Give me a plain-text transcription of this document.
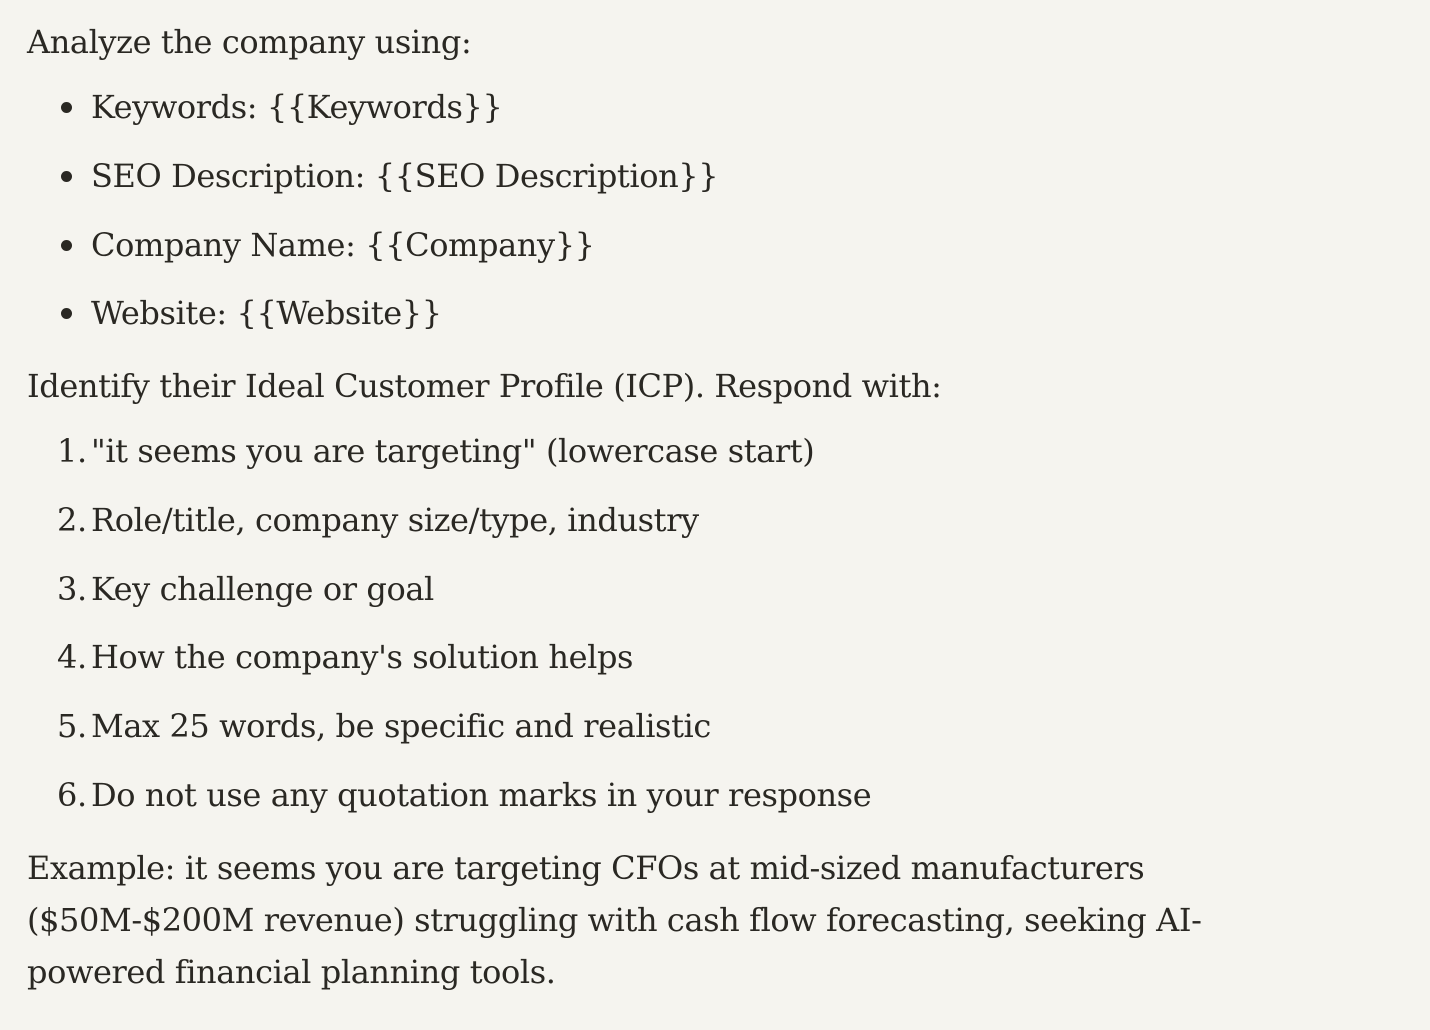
Analyze the company using:

Keywords: {{Keywords}}
SEO Description: {{SEO Description}}
Company Name: {{Company}}
Website: {{Website}}

Identify their Ideal Customer Profile (ICP). Respond with:

1. "it seems you are targeting" (lowercase start)
2. Role/title, company size/type, industry
3. Key challenge or goal
4. How the company's solution helps
5. Max 25 words, be specific and realistic
6. Do not use any quotation marks in your response

Example: it seems you are targeting CFOs at mid-sized manufacturers ($50M-$200M revenue) struggling with cash flow forecasting, seeking AI-powered financial planning tools.
